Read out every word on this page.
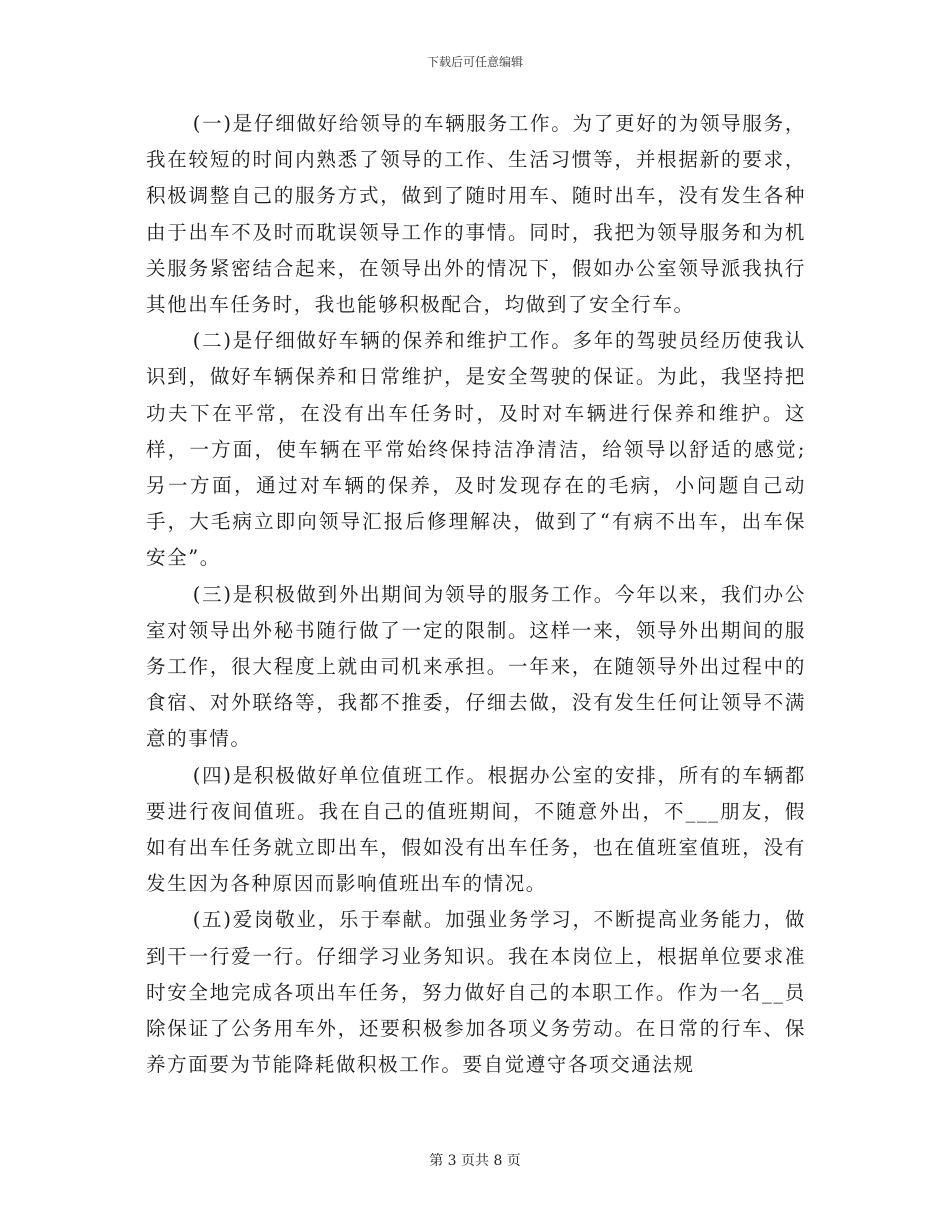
下载后可任意编辑

(一)是仔细做好给领导的车辆服务工作。为了更好的为领导服务，我在较短的时间内熟悉了领导的工作、生活习惯等，并根据新的要求，积极调整自己的服务方式，做到了随时用车、随时出车，没有发生各种由于出车不及时而耽误领导工作的事情。同时，我把为领导服务和为机关服务紧密结合起来，在领导出外的情况下，假如办公室领导派我执行其他出车任务时，我也能够积极配合，均做到了安全行车。

(二)是仔细做好车辆的保养和维护工作。多年的驾驶员经历使我认识到，做好车辆保养和日常维护，是安全驾驶的保证。为此，我坚持把功夫下在平常，在没有出车任务时，及时对车辆进行保养和维护。这样，一方面，使车辆在平常始终保持洁净清洁，给领导以舒适的感觉;另一方面，通过对车辆的保养，及时发现存在的毛病，小问题自己动手，大毛病立即向领导汇报后修理解决，做到了“有病不出车，出车保安全”。

(三)是积极做到外出期间为领导的服务工作。今年以来，我们办公室对领导出外秘书随行做了一定的限制。这样一来，领导外出期间的服务工作，很大程度上就由司机来承担。一年来，在随领导外出过程中的食宿、对外联络等，我都不推委，仔细去做，没有发生任何让领导不满意的事情。

(四)是积极做好单位值班工作。根据办公室的安排，所有的车辆都要进行夜间值班。我在自己的值班期间，不随意外出，不___朋友，假如有出车任务就立即出车，假如没有出车任务，也在值班室值班，没有发生因为各种原因而影响值班出车的情况。

(五)爱岗敬业，乐于奉献。加强业务学习，不断提高业务能力，做到干一行爱一行。仔细学习业务知识。我在本岗位上，根据单位要求准时安全地完成各项出车任务，努力做好自己的本职工作。作为一名__员除保证了公务用车外，还要积极参加各项义务劳动。在日常的行车、保养方面要为节能降耗做积极工作。要自觉遵守各项交通法规

第 3 页共 8 页
